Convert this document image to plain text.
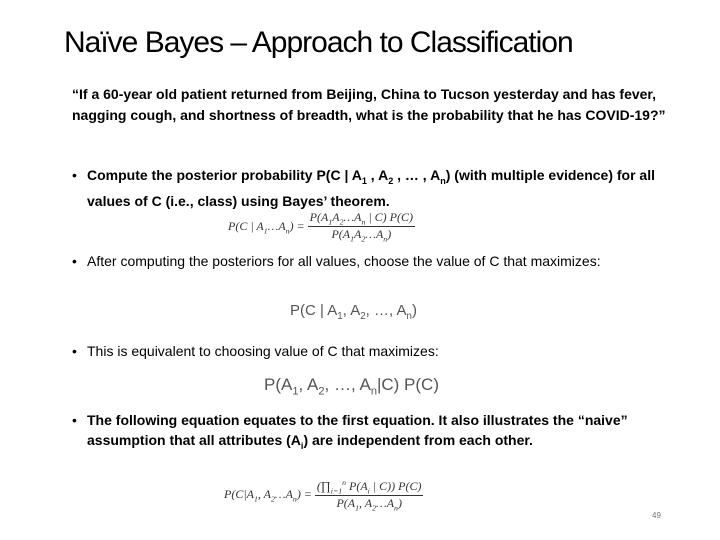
Naïve Bayes – Approach to Classification

“If a 60-year old patient returned from Beijing, China to Tucson yesterday and has fever, nagging cough, and shortness of breadth, what is the probability that he has COVID-19?”

• Compute the posterior probability P(C | $A_1$ , $A_2$ , … , $A_n$) (with multiple evidence) for all values of C (i.e., class) using Bayes’ theorem.
P(C | $A_1\dots A_n) = \frac{P(A_1A_2\dots A_n | C) P(C)}{P(A_1A_2\dots A_n)}$
• After computing the posteriors for all values, choose the value of C that maximizes:
P(C | $A_1$, $A_2$, …, $A_n$)
• This is equivalent to choosing value of C that maximizes:
$P(A_1$, $A_2$, …, $A_n|C$) P(C)
• The following equation equates to the first equation. It also illustrates the “naive” assumption that all attributes $(A_i)$ are independent from each other.
$P(C|A_1$, $A_2\dots A_n) = \frac{(\prod_{i=1}^n P(A_i | C)) P(C)}{P(A_1, A_2\dots A_n)}$
49
